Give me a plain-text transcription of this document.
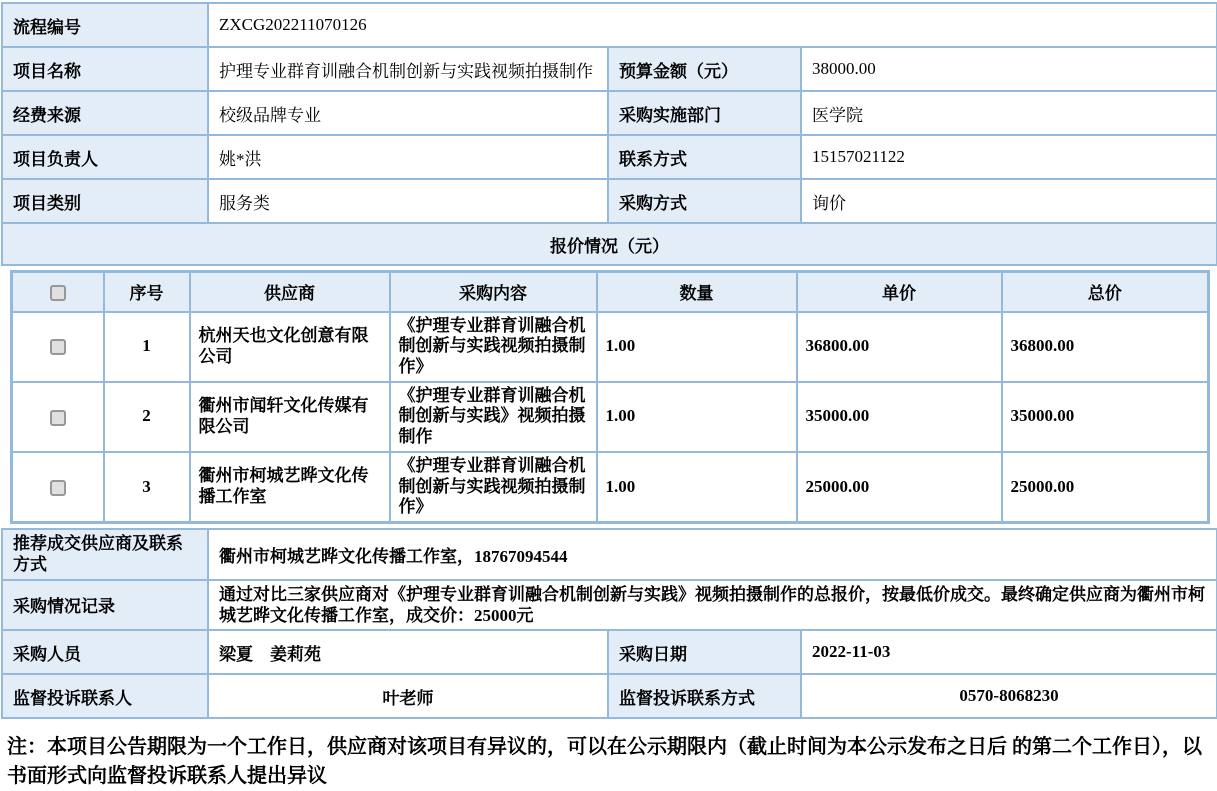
流程编号	ZXCG202211070126		
项目名称	护理专业群育训融合机制创新与实践视频拍摄制作	预算金额（元）	38000.00
经费来源	校级品牌专业	采购实施部门	医学院
项目负责人	姚*洪	联系方式	15157021122
项目类别	服务类	采购方式	询价
报价情况（元）			
	序号	供应商	采购内容	数量	单价	总价
	1	杭州天也文化创意有限公司	《护理专业群育训融合机制创新与实践视频拍摄制作》	1.00	36800.00	36800.00
	2	衢州市闻轩文化传媒有限公司	《护理专业群育训融合机制创新与实践》视频拍摄制作	1.00	35000.00	35000.00
	3	衢州市柯城艺晔文化传播工作室	《护理专业群育训融合机制创新与实践视频拍摄制作》	1.00	25000.00	25000.00
推荐成交供应商及联系方式	衢州市柯城艺晔文化传播工作室，18767094544		
采购情况记录	通过对比三家供应商对《护理专业群育训融合机制创新与实践》视频拍摄制作的总报价，按最低价成交。最终确定供应商为衢州市柯城艺晔文化传播工作室，成交价：25000元		
采购人员	梁夏　姜莉苑	采购日期	2022-11-03
监督投诉联系人	叶老师	监督投诉联系方式	0570-8068230
注：本项目公告期限为一个工作日，供应商对该项目有异议的，可以在公示期限内（截止时间为本公示发布之日后 的第二个工作日），以书面形式向监督投诉联系人提出异议
